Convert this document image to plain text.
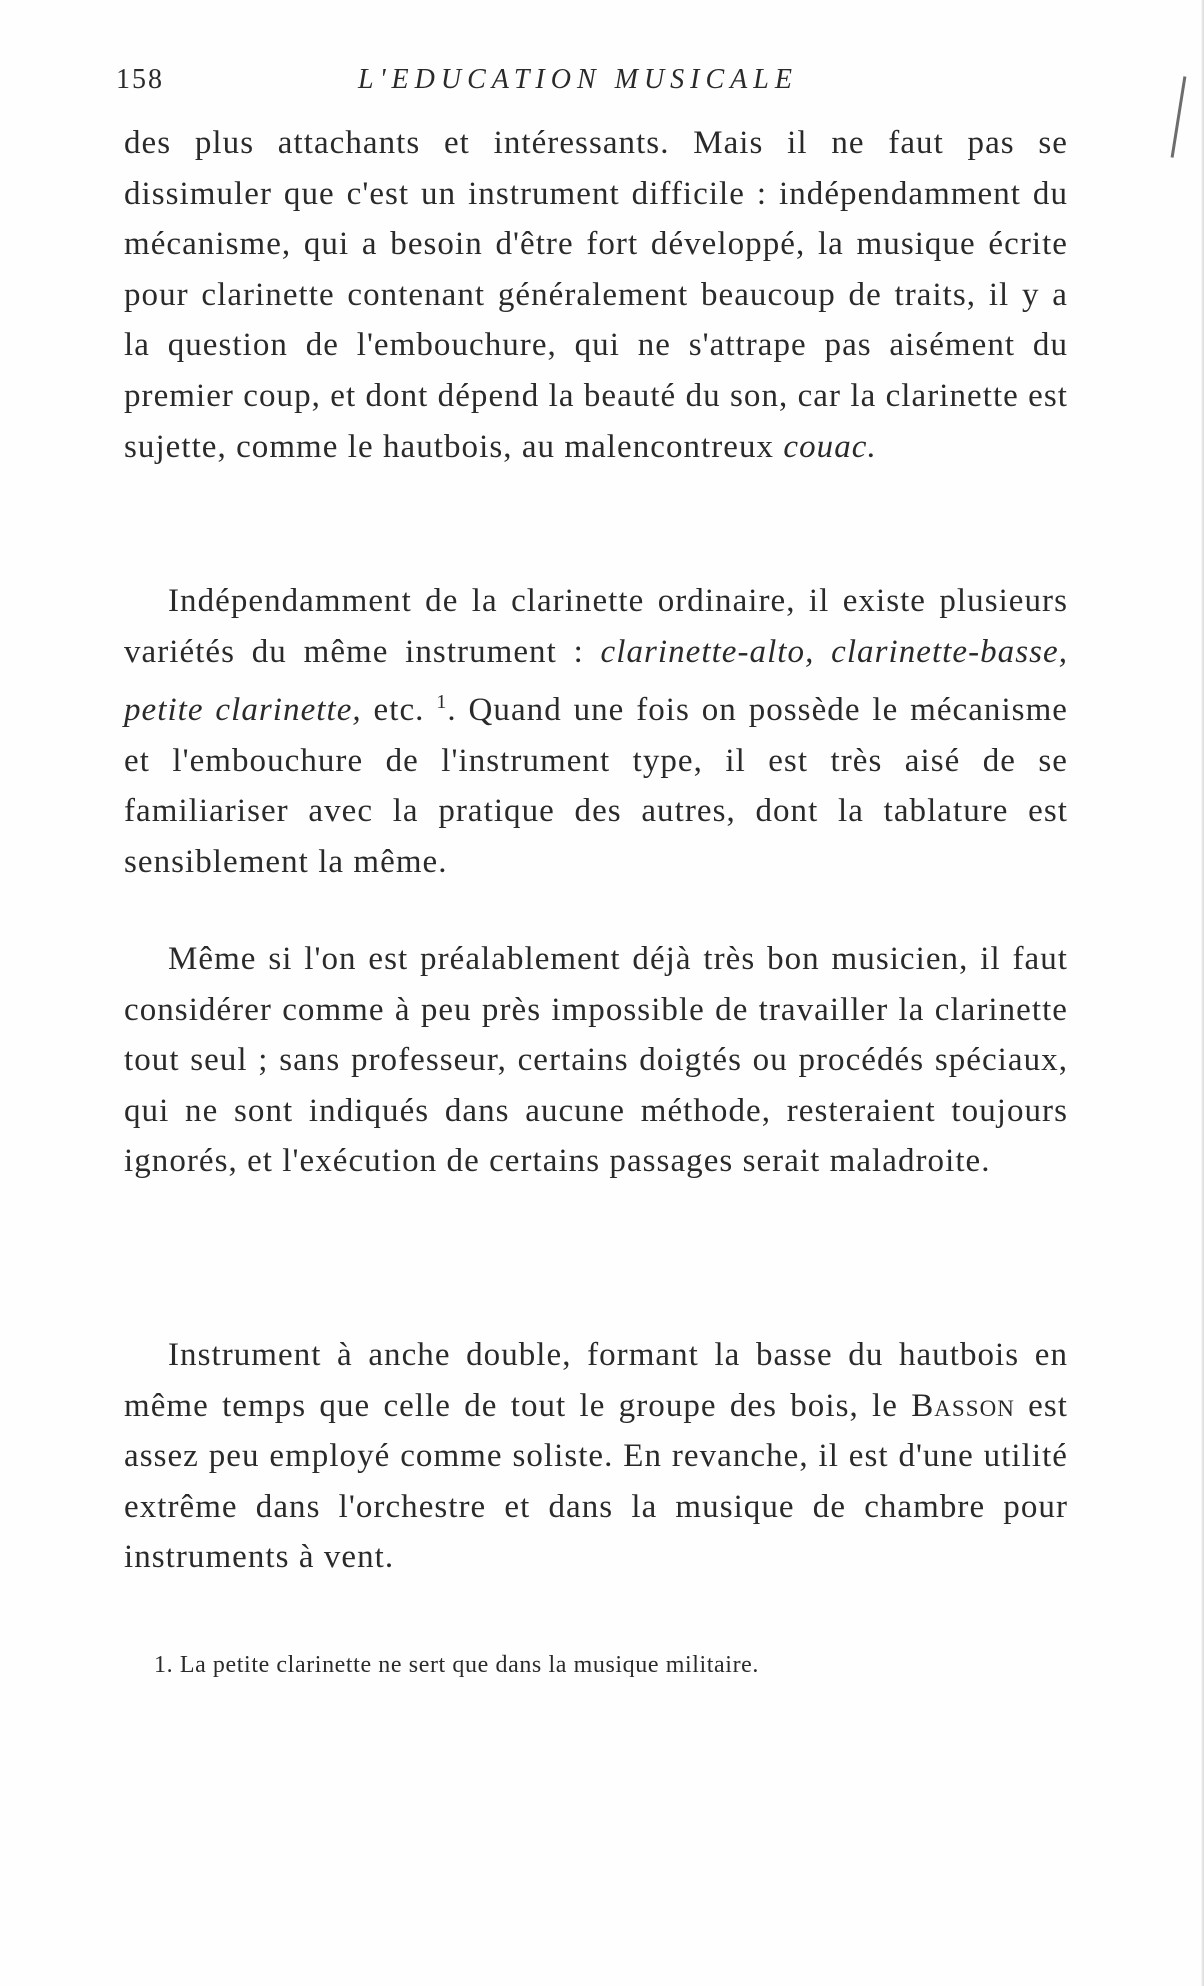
158	L'EDUCATION MUSICALE

des plus attachants et intéressants. Mais il ne faut pas se dissimuler que c'est un instrument difficile : indépendamment du mécanisme, qui a besoin d'être fort développé, la musique écrite pour clarinette contenant généralement beaucoup de traits, il y a la question de l'embouchure, qui ne s'attrape pas aisément du premier coup, et dont dépend la beauté du son, car la clarinette est sujette, comme le hautbois, au malencontreux couac.

Indépendamment de la clarinette ordinaire, il existe plusieurs variétés du même instrument : clarinette-alto, clarinette-basse, petite clarinette, etc. $^1$. Quand une fois on possède le mécanisme et l'embouchure de l'instrument type, il est très aisé de se familiariser avec la pratique des autres, dont la tablature est sensiblement la même.

Même si l'on est préalablement déjà très bon musicien, il faut considérer comme à peu près impossible de travailler la clarinette tout seul ; sans professeur, certains doigtés ou procédés spéciaux, qui ne sont indiqués dans aucune méthode, resteraient toujours ignorés, et l'exécution de certains passages serait maladroite.

Instrument à anche double, formant la basse du hautbois en même temps que celle de tout le groupe des bois, le Basson est assez peu employé comme soliste. En revanche, il est d'une utilité extrême dans l'orchestre et dans la musique de chambre pour instruments à vent.

1. La petite clarinette ne sert que dans la musique militaire.
